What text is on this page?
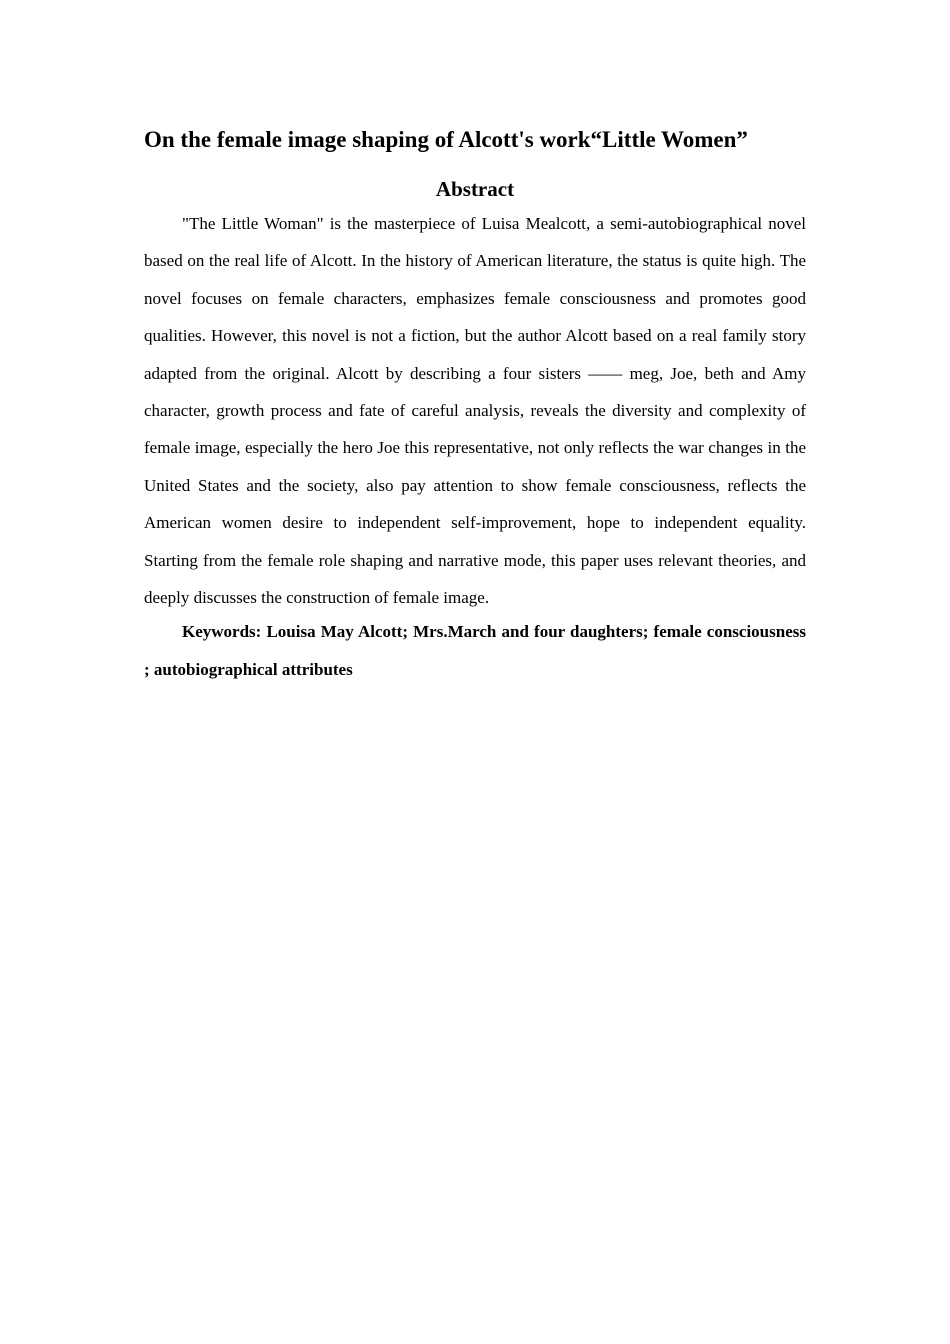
On the female image shaping of Alcott's work“Little Women”
Abstract

"The Little Woman" is the masterpiece of Luisa Mealcott, a semi-autobiographical novel based on the real life of Alcott. In the history of American literature, the status is quite high. The novel focuses on female characters, emphasizes female consciousness and promotes good qualities. However, this novel is not a fiction, but the author Alcott based on a real family story adapted from the original. Alcott by describing a four sisters —— meg, Joe, beth and Amy character, growth process and fate of careful analysis, reveals the diversity and complexity of female image, especially the hero Joe this representative, not only reflects the war changes in the United States and the society, also pay attention to show female consciousness, reflects the American women desire to independent self-improvement, hope to independent equality. Starting from the female role shaping and narrative mode, this paper uses relevant theories, and deeply discusses the construction of female image.

Keywords: Louisa May Alcott; Mrs.March and four daughters; female consciousness ; autobiographical attributes
